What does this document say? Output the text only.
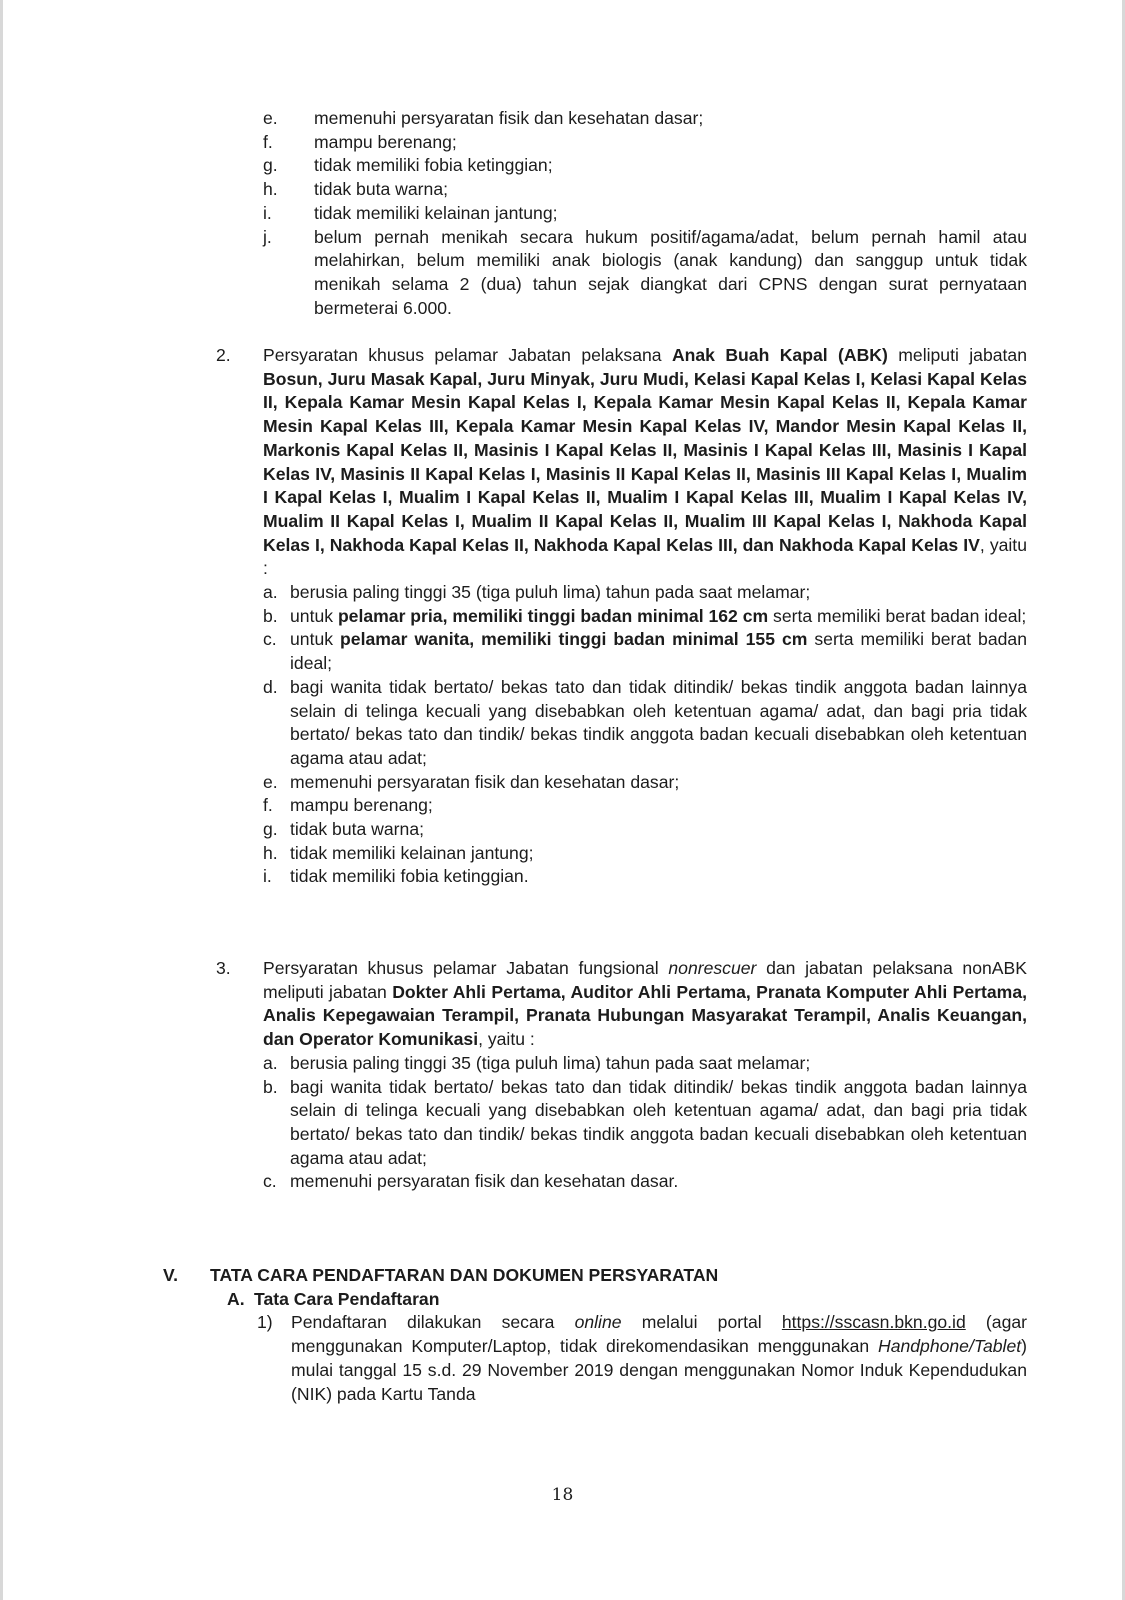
e.	memenuhi persyaratan fisik dan kesehatan dasar;
f.	mampu berenang;
g.	tidak memiliki fobia ketinggian;
h.	tidak buta warna;
i.	tidak memiliki kelainan jantung;
j.	belum pernah menikah secara hukum positif/agama/adat, belum pernah hamil atau melahirkan, belum memiliki anak biologis (anak kandung) dan sanggup untuk tidak menikah selama 2 (dua) tahun sejak diangkat dari CPNS dengan surat pernyataan bermeterai 6.000.
2.	Persyaratan khusus pelamar Jabatan pelaksana Anak Buah Kapal (ABK) meliputi jabatan Bosun, Juru Masak Kapal, Juru Minyak, Juru Mudi, Kelasi Kapal Kelas I, Kelasi Kapal Kelas II, Kepala Kamar Mesin Kapal Kelas I, Kepala Kamar Mesin Kapal Kelas II, Kepala Kamar Mesin Kapal Kelas III, Kepala Kamar Mesin Kapal Kelas IV, Mandor Mesin Kapal Kelas II, Markonis Kapal Kelas II, Masinis I Kapal Kelas II, Masinis I Kapal Kelas III, Masinis I Kapal Kelas IV, Masinis II Kapal Kelas I, Masinis II Kapal Kelas II, Masinis III Kapal Kelas I, Mualim I Kapal Kelas I, Mualim I Kapal Kelas II, Mualim I Kapal Kelas III, Mualim I Kapal Kelas IV, Mualim II Kapal Kelas I, Mualim II Kapal Kelas II, Mualim III Kapal Kelas I, Nakhoda Kapal Kelas I, Nakhoda Kapal Kelas II, Nakhoda Kapal Kelas III, dan Nakhoda Kapal Kelas IV, yaitu :
a. berusia paling tinggi 35 (tiga puluh lima) tahun pada saat melamar;
b. untuk pelamar pria, memiliki tinggi badan minimal 162 cm serta memiliki berat badan ideal;
c. untuk pelamar wanita, memiliki tinggi badan minimal 155 cm serta memiliki berat badan ideal;
d. bagi wanita tidak bertato/ bekas tato dan tidak ditindik/ bekas tindik anggota badan lainnya selain di telinga kecuali yang disebabkan oleh ketentuan agama/ adat, dan bagi pria tidak bertato/ bekas tato dan tindik/ bekas tindik anggota badan kecuali disebabkan oleh ketentuan agama atau adat;
e. memenuhi persyaratan fisik dan kesehatan dasar;
f. mampu berenang;
g. tidak buta warna;
h. tidak memiliki kelainan jantung;
i.	tidak memiliki fobia ketinggian.
3.	Persyaratan khusus pelamar Jabatan fungsional nonrescuer dan jabatan pelaksana nonABK meliputi jabatan Dokter Ahli Pertama, Auditor Ahli Pertama, Pranata Komputer Ahli Pertama, Analis Kepegawaian Terampil, Pranata Hubungan Masyarakat Terampil, Analis Keuangan, dan Operator Komunikasi, yaitu :
a. berusia paling tinggi 35 (tiga puluh lima) tahun pada saat melamar;
b. bagi wanita tidak bertato/ bekas tato dan tidak ditindik/ bekas tindik anggota badan lainnya selain di telinga kecuali yang disebabkan oleh ketentuan agama/ adat, dan bagi pria tidak bertato/ bekas tato dan tindik/ bekas tindik anggota badan kecuali disebabkan oleh ketentuan agama atau adat;
c. memenuhi persyaratan fisik dan kesehatan dasar.
V.	TATA CARA PENDAFTARAN DAN DOKUMEN PERSYARATAN
A. Tata Cara Pendaftaran
1)	Pendaftaran dilakukan secara online melalui portal https://sscasn.bkn.go.id (agar menggunakan Komputer/Laptop, tidak direkomendasikan menggunakan Handphone/Tablet) mulai tanggal 15 s.d. 29 November 2019 dengan menggunakan Nomor Induk Kependudukan (NIK) pada Kartu Tanda
18
